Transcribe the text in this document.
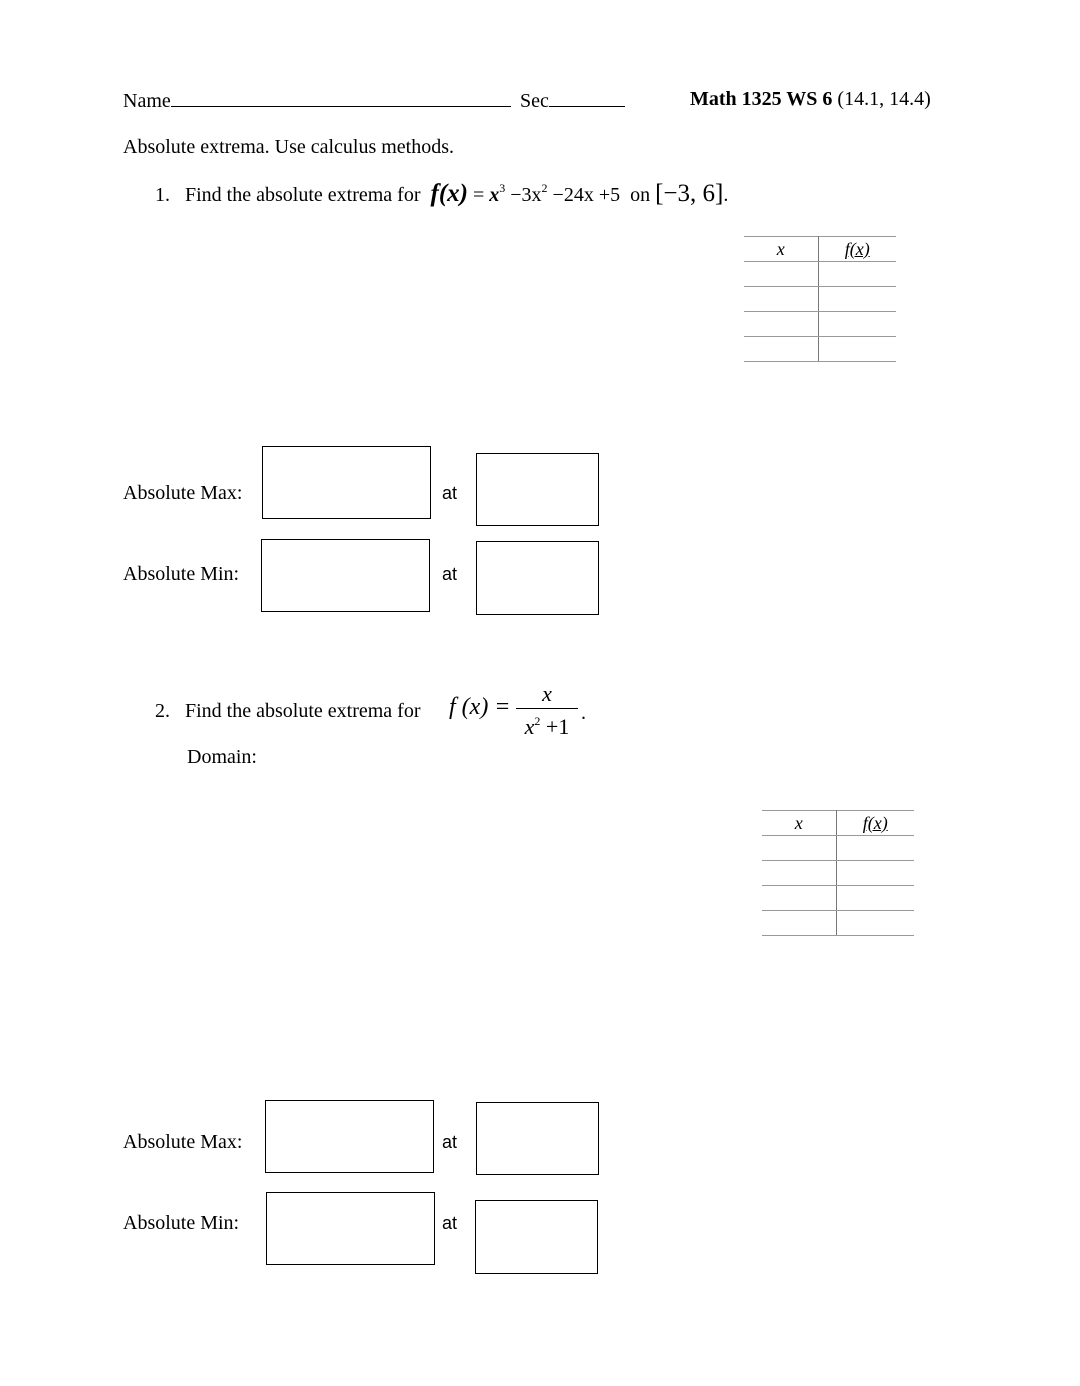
Name	Sec	Math 1325 WS 6 (14.1, 14.4)
Absolute extrema. Use calculus methods.
1. Find the absolute extrema for $f(x) = x^3 -3x^2 -24x +5$ on [−3, 6].
x	f(x)

Absolute Max:	at
Absolute Min:	at
2. Find the absolute extrema for f (x) =
x
$x^2 +1$
.
Domain:
x	f(x)

Absolute Max:	at
Absolute Min:	at
